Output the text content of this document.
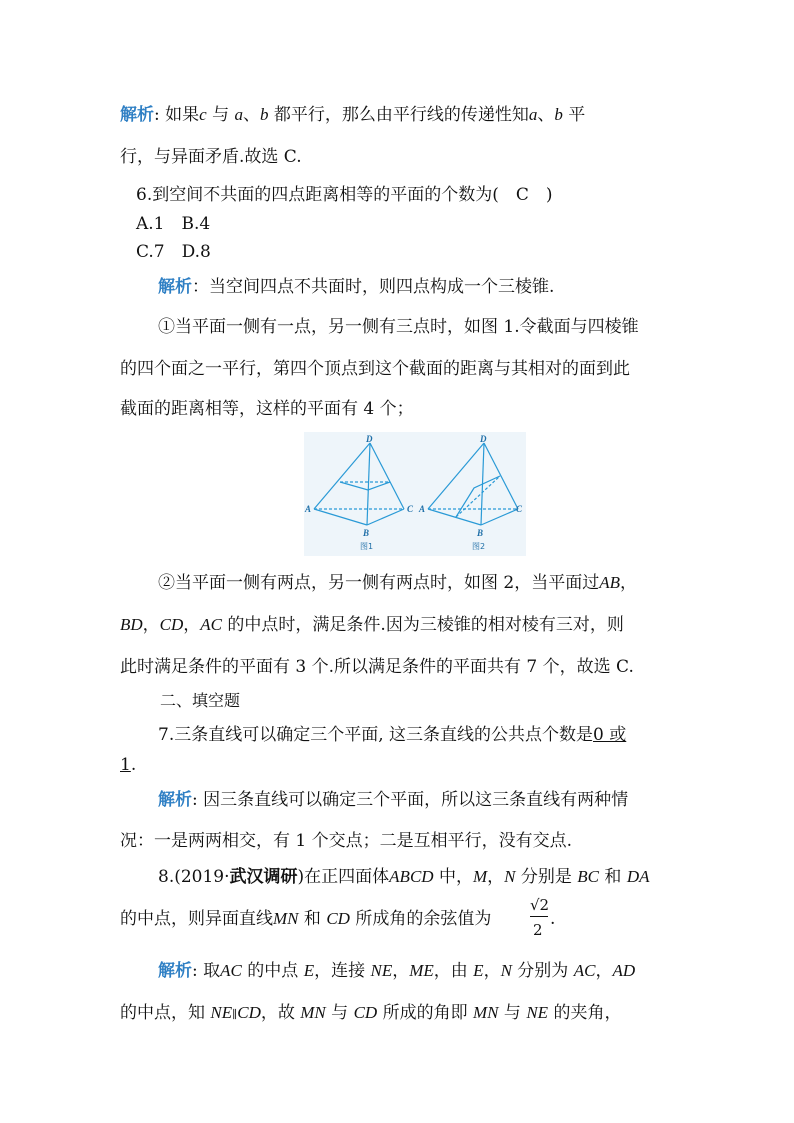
解析: 如果c 与 a、b 都平行，那么由平行线的传递性知a、b 平
行，与异面矛盾.故选 C.
6.到空间不共面的四点距离相等的平面的个数为(　C　)
A.1　B.4
C.7　D.8
解析：当空间四点不共面时，则四点构成一个三棱锥.
①当平面一侧有一点，另一侧有三点时，如图 1.令截面与四棱锥
的四个面之一平行，第四个顶点到这个截面的距离与其相对的面到此
截面的距离相等，这样的平面有 4 个；
D
A	C
B
D
A	C
B
图1	图2
②当平面一侧有两点，另一侧有两点时，如图 2，当平面过AB，
BD，CD，AC 的中点时，满足条件.因为三棱锥的相对棱有三对，则
此时满足条件的平面有 3 个.所以满足条件的平面共有 7 个，故选 C.
二、填空题
7.三条直线可以确定三个平面, 这三条直线的公共点个数是0 或
1.
解析: 因三条直线可以确定三个平面，所以这三条直线有两种情
况：一是两两相交，有 1 个交点；二是互相平行，没有交点.
8.(2019·武汉调研)在正四面体ABCD 中，M，N 分别是 BC 和 DA
的中点，则异面直线MN 和 CD 所成角的余弦值为
√2
2
.
解析: 取AC 的中点 E，连接 NE，ME，由 E，N 分别为 AC，AD
的中点，知 NE∥CD，故 MN 与 CD 所成的角即 MN 与 NE 的夹角，
